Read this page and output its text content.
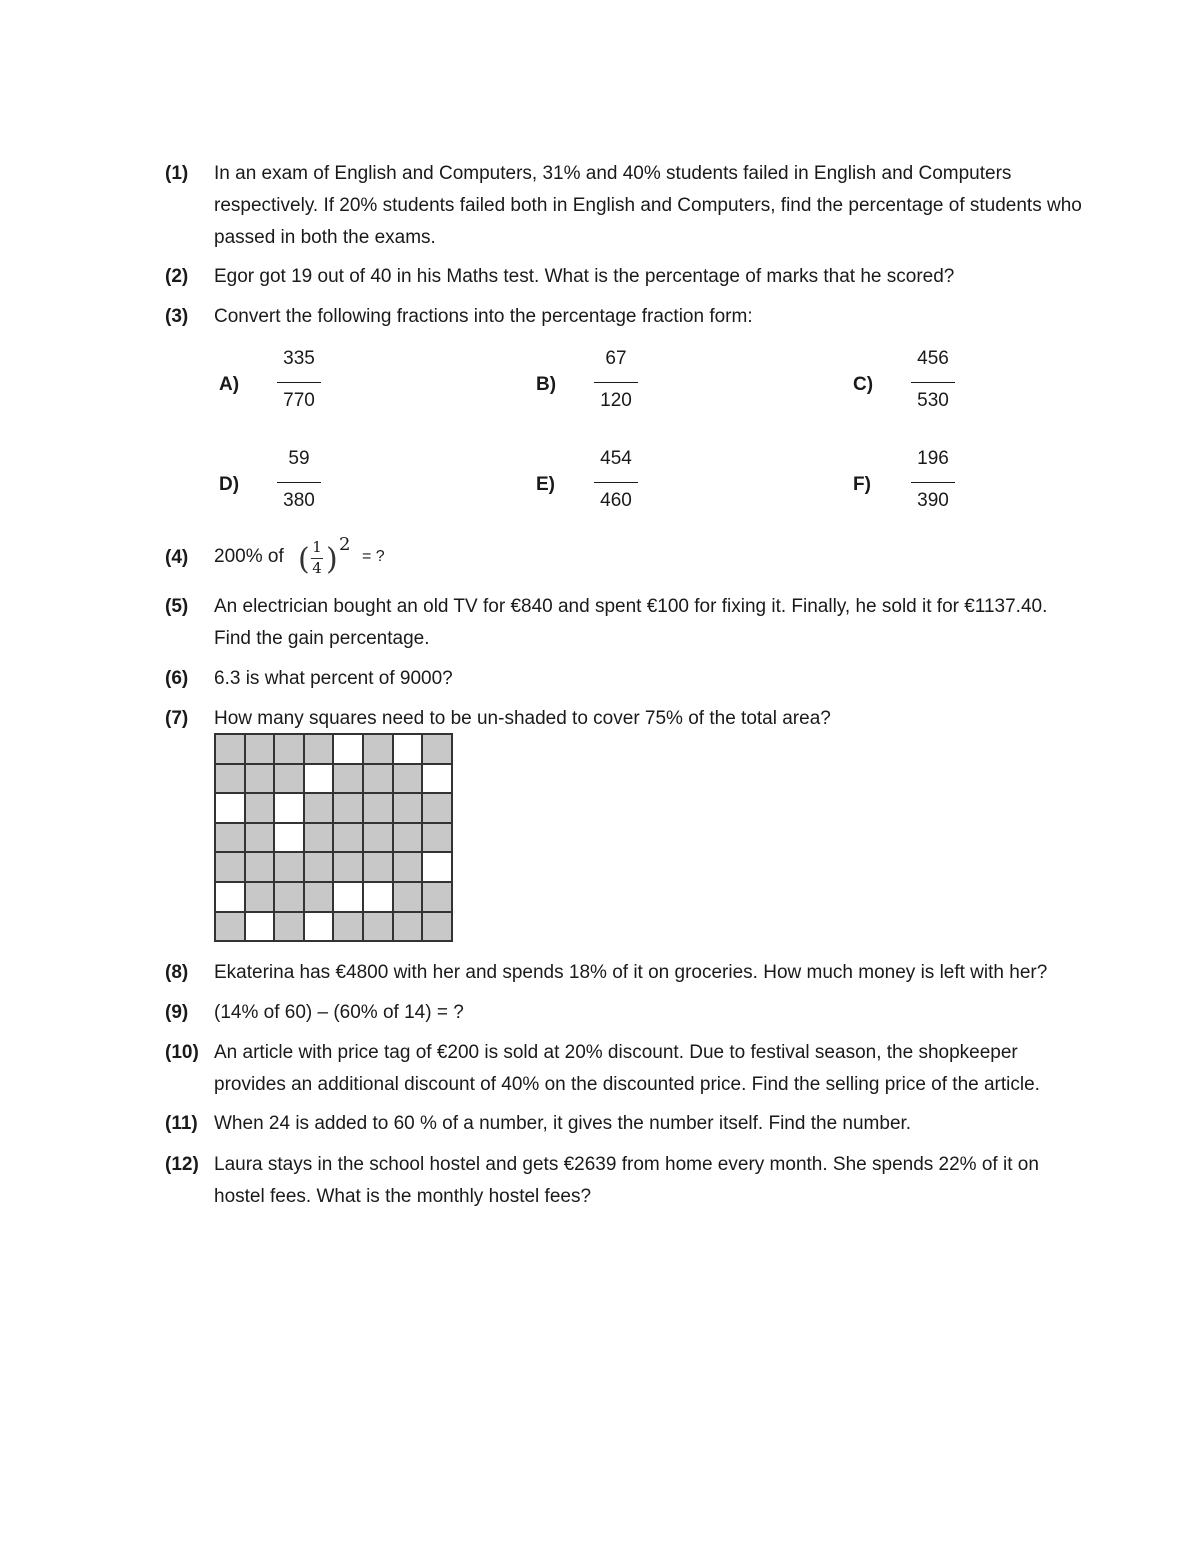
(1) In an exam of English and Computers, 31% and 40% students failed in English and Computers
respectively. If 20% students failed both in English and Computers, find the percentage of students who
passed in both the exams.
(2) Egor got 19 out of 40 in his Maths test. What is the percentage of marks that he scored?
(3) Convert the following fractions into the percentage fraction form:
A)
335
770
B)
67
120
C)
456
530
D)
59
380
E)
454
460
F)
196
390
(4) 200% of ( 1
4 ) 2
= ?
(5) An electrician bought an old TV for €840 and spent €100 for fixing it. Finally, he sold it for €1137.40.
Find the gain percentage.
(6) 6.3 is what percent of 9000?
(7) How many squares need to be un-shaded to cover 75% of the total area?
(8) Ekaterina has €4800 with her and spends 18% of it on groceries. How much money is left with her?
(9) (14% of 60) – (60% of 14) = ?
(10) An article with price tag of €200 is sold at 20% discount. Due to festival season, the shopkeeper
provides an additional discount of 40% on the discounted price. Find the selling price of the article.
(11) When 24 is added to 60 % of a number, it gives the number itself. Find the number.
(12) Laura stays in the school hostel and gets €2639 from home every month. She spends 22% of it on
hostel fees. What is the monthly hostel fees?
